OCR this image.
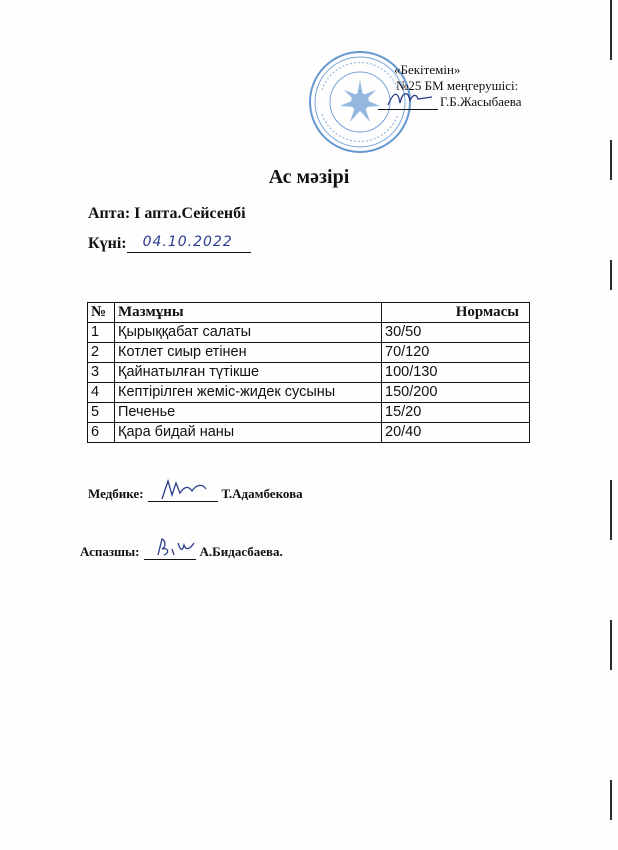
«Бекітемін»
№25 БМ меңгерушісі:
Г.Б.Жасыбаева
Ас мәзірі
Апта: I апта.Сейсенбі
Күні: 04.10.2022
№	Мазмұны	Нормасы
1	Қырыққабат салаты	30/50
2	Котлет сиыр етінен	70/120
3	Қайнатылған түтікше	100/130
4	Кептірілген жеміс-жидек сусыны	150/200
5	Печенье	15/20
6	Қара бидай наны	20/40
Медбике:	Т.Адамбекова
Аспазшы:	А.Бидасбаева.
